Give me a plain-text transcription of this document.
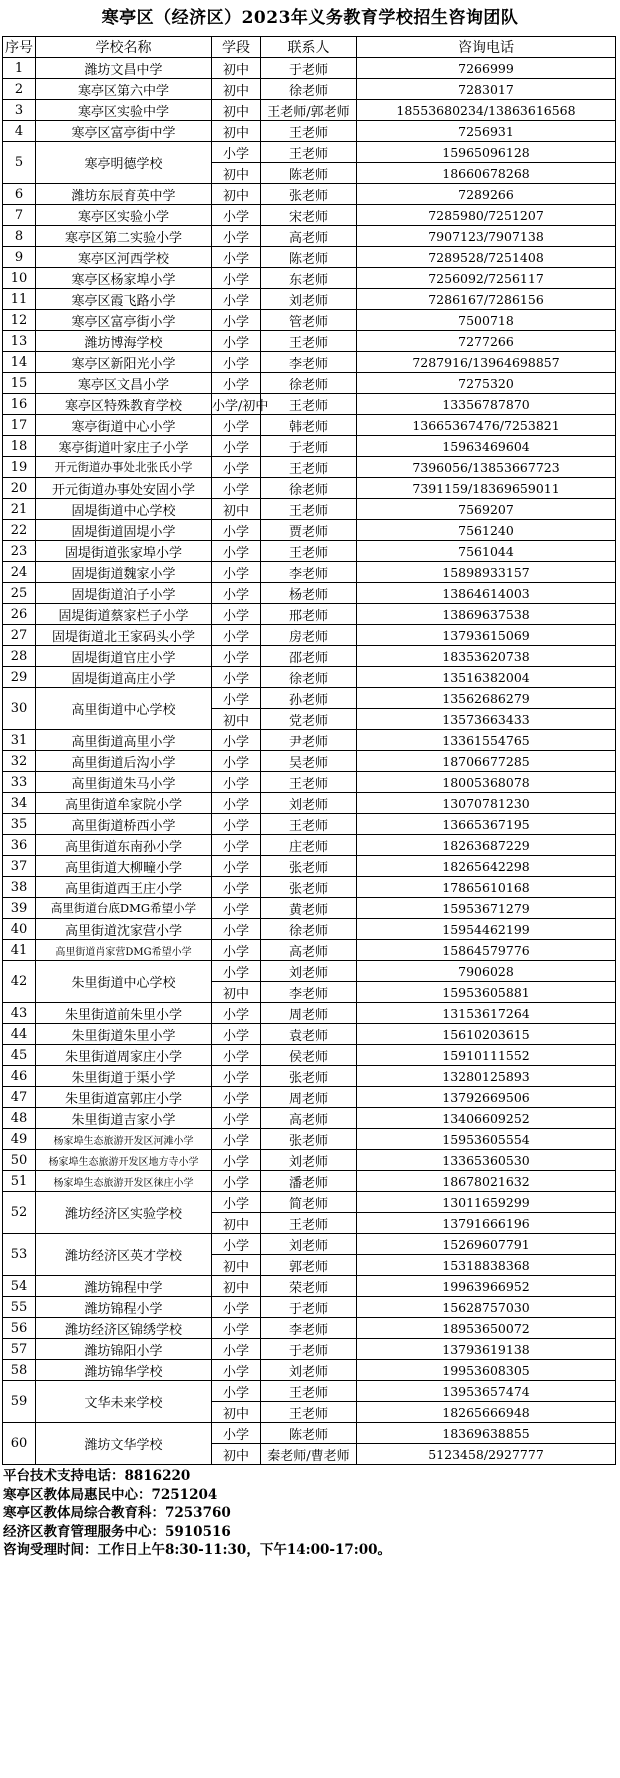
寒亭区（经济区）2023年义务教育学校招生咨询团队
序号	学校名称	学段	联系人	咨询电话
1	潍坊文昌中学	初中	于老师	7266999
2	寒亭区第六中学	初中	徐老师	7283017
3	寒亭区实验中学	初中	王老师/郭老师	18553680234/13863616568
4	寒亭区富亭街中学	初中	王老师	7256931
5	寒亭明德学校	小学	王老师	15965096128
		初中	陈老师	18660678268
6	潍坊东辰育英中学	初中	张老师	7289266
7	寒亭区实验小学	小学	宋老师	7285980/7251207
8	寒亭区第二实验小学	小学	高老师	7907123/7907138
9	寒亭区河西学校	小学	陈老师	7289528/7251408
10	寒亭区杨家埠小学	小学	东老师	7256092/7256117
11	寒亭区霞飞路小学	小学	刘老师	7286167/7286156
12	寒亭区富亭街小学	小学	管老师	7500718
13	潍坊博海学校	小学	王老师	7277266
14	寒亭区新阳光小学	小学	李老师	7287916/13964698857
15	寒亭区文昌小学	小学	徐老师	7275320
16	寒亭区特殊教育学校	小学/初中	王老师	13356787870
17	寒亭街道中心小学	小学	韩老师	13665367476/7253821
18	寒亭街道叶家庄子小学	小学	于老师	15963469604
19	开元街道办事处北张氏小学	小学	王老师	7396056/13853667723
20	开元街道办事处安固小学	小学	徐老师	7391159/18369659011
21	固堤街道中心学校	初中	王老师	7569207
22	固堤街道固堤小学	小学	贾老师	7561240
23	固堤街道张家埠小学	小学	王老师	7561044
24	固堤街道魏家小学	小学	李老师	15898933157
25	固堤街道泊子小学	小学	杨老师	13864614003
26	固堤街道蔡家栏子小学	小学	邢老师	13869637538
27	固堤街道北王家码头小学	小学	房老师	13793615069
28	固堤街道官庄小学	小学	邵老师	18353620738
29	固堤街道高庄小学	小学	徐老师	13516382004
30	高里街道中心学校	小学	孙老师	13562686279
		初中	党老师	13573663433
31	高里街道高里小学	小学	尹老师	13361554765
32	高里街道后沟小学	小学	吴老师	18706677285
33	高里街道朱马小学	小学	王老师	18005368078
34	高里街道牟家院小学	小学	刘老师	13070781230
35	高里街道桥西小学	小学	王老师	13665367195
36	高里街道东南孙小学	小学	庄老师	18263687229
37	高里街道大柳疃小学	小学	张老师	18265642298
38	高里街道西王庄小学	小学	张老师	17865610168
39	高里街道台底DMG希望小学	小学	黄老师	15953671279
40	高里街道沈家营小学	小学	徐老师	15954462199
41	高里街道肖家营DMG希望小学	小学	高老师	15864579776
42	朱里街道中心学校	小学	刘老师	7906028
		初中	李老师	15953605881
43	朱里街道前朱里小学	小学	周老师	13153617264
44	朱里街道朱里小学	小学	袁老师	15610203615
45	朱里街道周家庄小学	小学	侯老师	15910111552
46	朱里街道于渠小学	小学	张老师	13280125893
47	朱里街道富郭庄小学	小学	周老师	13792669506
48	朱里街道吉家小学	小学	高老师	13406609252
49	杨家埠生态旅游开发区河滩小学	小学	张老师	15953605554
50	杨家埠生态旅游开发区地方寺小学	小学	刘老师	13365360530
51	杨家埠生态旅游开发区徕庄小学	小学	潘老师	18678021632
52	潍坊经济区实验学校	小学	简老师	13011659299
		初中	王老师	13791666196
53	潍坊经济区英才学校	小学	刘老师	15269607791
		初中	郭老师	15318838368
54	潍坊锦程中学	初中	荣老师	19963966952
55	潍坊锦程小学	小学	于老师	15628757030
56	潍坊经济区锦绣学校	小学	李老师	18953650072
57	潍坊锦阳小学	小学	于老师	13793619138
58	潍坊锦华学校	小学	刘老师	19953608305
59	文华未来学校	小学	王老师	13953657474
		初中	王老师	18265666948
60	潍坊文华学校	小学	陈老师	18369638855
		初中	秦老师/曹老师	5123458/2927777
平台技术支持电话：8816220
寒亭区教体局惠民中心：7251204
寒亭区教体局综合教育科：7253760
经济区教育管理服务中心：5910516
咨询受理时间：工作日上午8:30-11:30，下午14:00-17:00。
